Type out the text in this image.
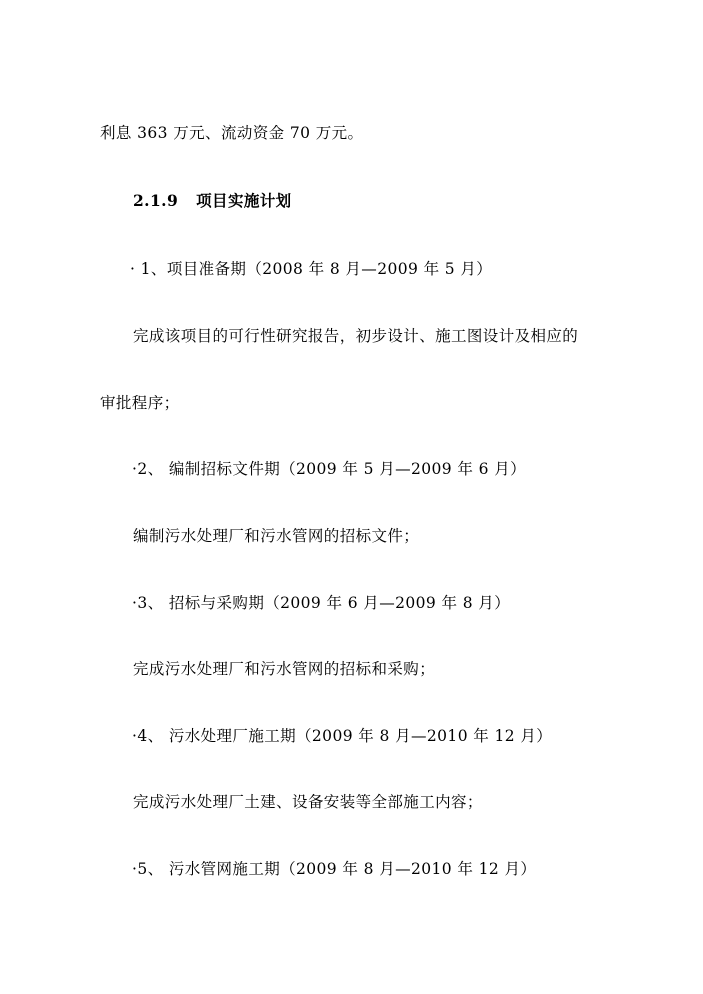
利息 363 万元、流动资金 70 万元。
2.1.9 项目实施计划
· 1、项目准备期（2008 年 8 月—2009 年 5 月）
完成该项目的可行性研究报告，初步设计、施工图设计及相应的
审批程序；
·2、 编制招标文件期（2009 年 5 月—2009 年 6 月）
编制污水处理厂和污水管网的招标文件；
·3、 招标与采购期（2009 年 6 月—2009 年 8 月）
完成污水处理厂和污水管网的招标和采购；
·4、 污水处理厂施工期（2009 年 8 月—2010 年 12 月）
完成污水处理厂土建、设备安装等全部施工内容；
·5、 污水管网施工期（2009 年 8 月—2010 年 12 月）
